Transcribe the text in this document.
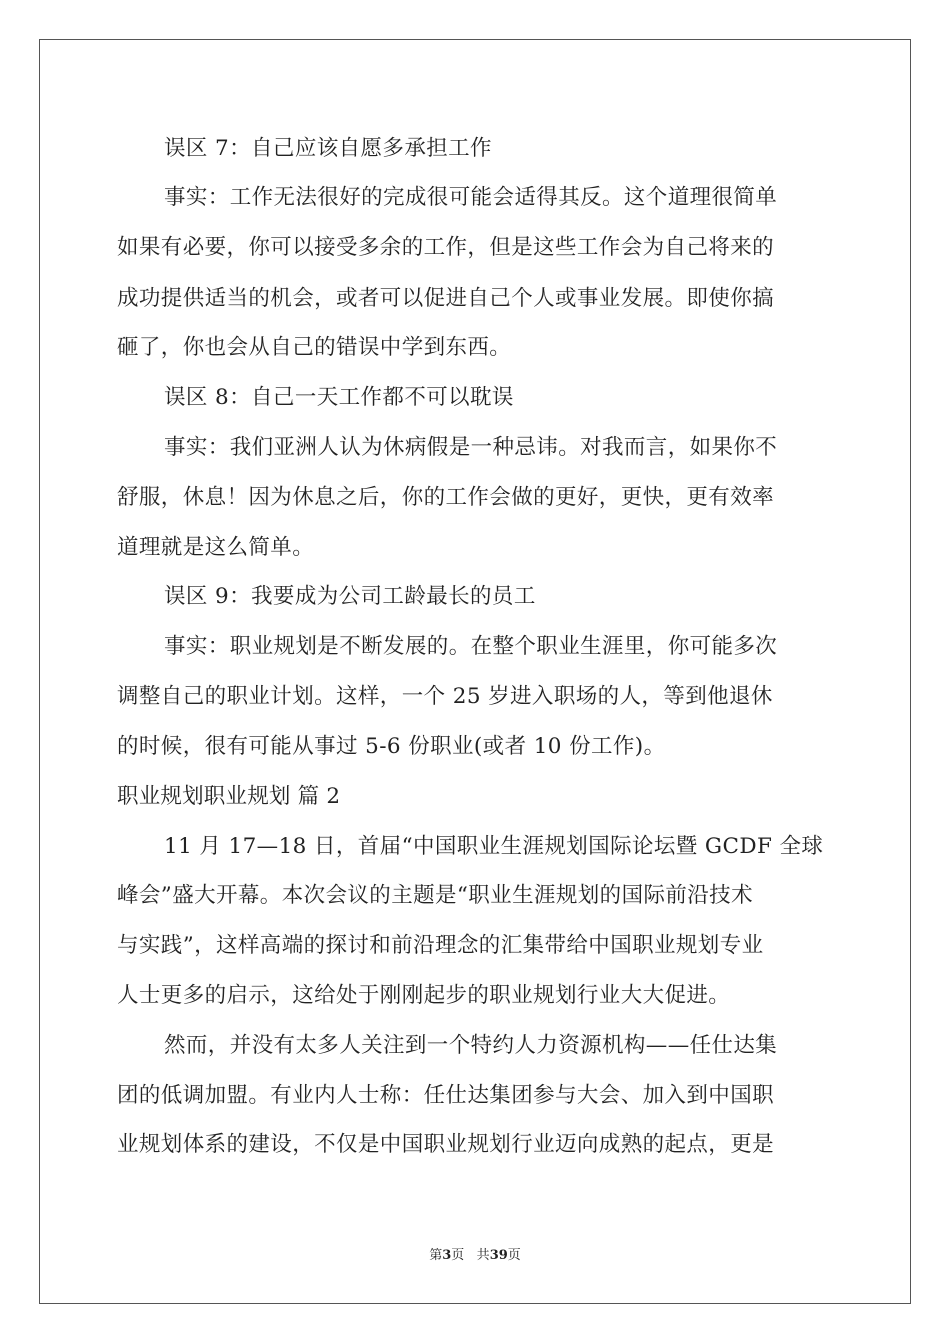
误区 7：自己应该自愿多承担工作
事实：工作无法很好的完成很可能会适得其反。这个道理很简单
如果有必要，你可以接受多余的工作，但是这些工作会为自己将来的
成功提供适当的机会，或者可以促进自己个人或事业发展。即使你搞
砸了，你也会从自己的错误中学到东西。
误区 8：自己一天工作都不可以耽误
事实：我们亚洲人认为休病假是一种忌讳。对我而言，如果你不
舒服，休息！因为休息之后，你的工作会做的更好，更快，更有效率
道理就是这么简单。
误区 9：我要成为公司工龄最长的员工
事实：职业规划是不断发展的。在整个职业生涯里，你可能多次
调整自己的职业计划。这样，一个 25 岁进入职场的人，等到他退休
的时候，很有可能从事过 5-6 份职业(或者 10 份工作)。
职业规划职业规划 篇 2
11 月 17—18 日，首届“中国职业生涯规划国际论坛暨 GCDF 全球
峰会”盛大开幕。本次会议的主题是“职业生涯规划的国际前沿技术
与实践”，这样高端的探讨和前沿理念的汇集带给中国职业规划专业
人士更多的启示，这给处于刚刚起步的职业规划行业大大促进。
然而，并没有太多人关注到一个特约人力资源机构——任仕达集
团的低调加盟。有业内人士称：任仕达集团参与大会、加入到中国职
业规划体系的建设，不仅是中国职业规划行业迈向成熟的起点，更是
第3页 共39页
